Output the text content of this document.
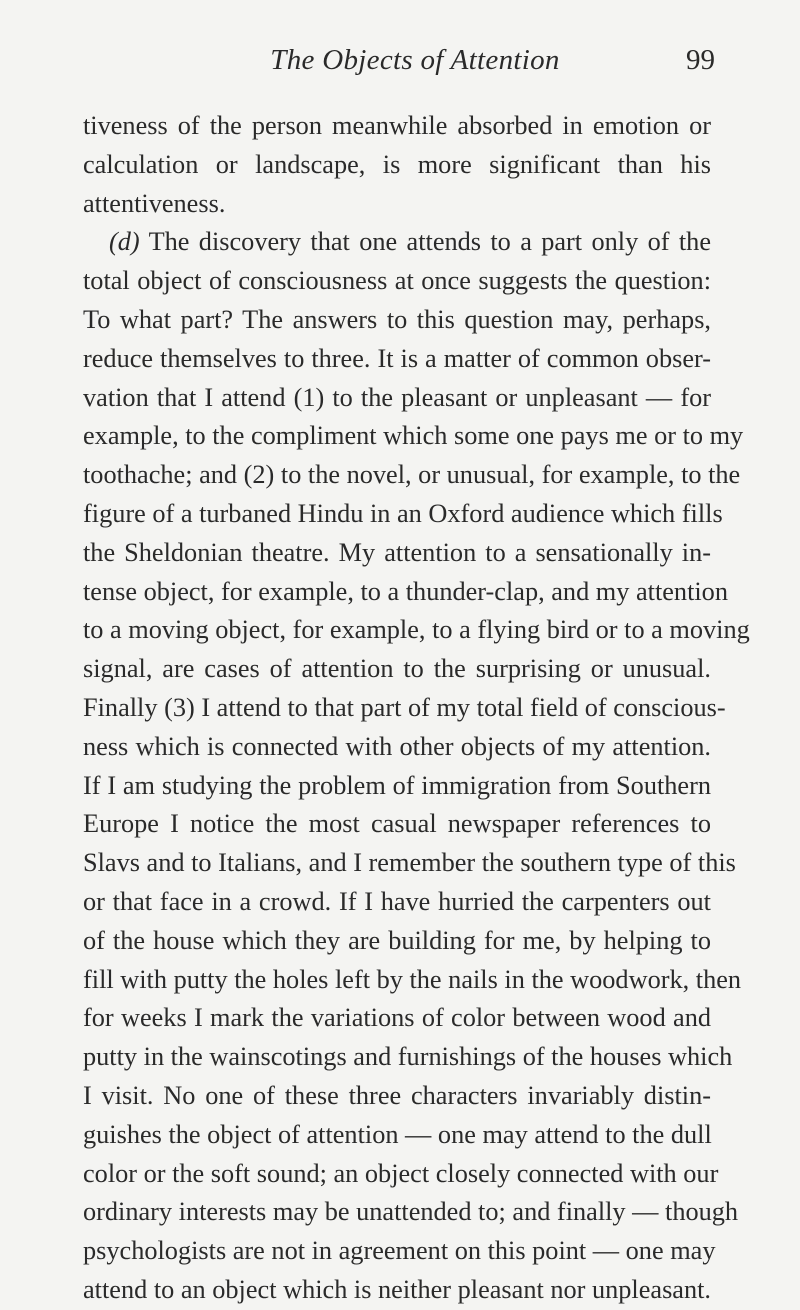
The Objects of Attention	99
tiveness of the person meanwhile absorbed in emotion or
calculation or landscape, is more significant than his
attentiveness.
(d) The discovery that one attends to a part only of the
total object of consciousness at once suggests the question:
To what part? The answers to this question may, perhaps,
reduce themselves to three. It is a matter of common obser-
vation that I attend (1) to the pleasant or unpleasant — for
example, to the compliment which some one pays me or to my
toothache; and (2) to the novel, or unusual, for example, to the
figure of a turbaned Hindu in an Oxford audience which fills
the Sheldonian theatre. My attention to a sensationally in-
tense object, for example, to a thunder-clap, and my attention
to a moving object, for example, to a flying bird or to a moving
signal, are cases of attention to the surprising or unusual.
Finally (3) I attend to that part of my total field of conscious-
ness which is connected with other objects of my attention.
If I am studying the problem of immigration from Southern
Europe I notice the most casual newspaper references to
Slavs and to Italians, and I remember the southern type of this
or that face in a crowd. If I have hurried the carpenters out
of the house which they are building for me, by helping to
fill with putty the holes left by the nails in the woodwork, then
for weeks I mark the variations of color between wood and
putty in the wainscotings and furnishings of the houses which
I visit. No one of these three characters invariably distin-
guishes the object of attention — one may attend to the dull
color or the soft sound; an object closely connected with our
ordinary interests may be unattended to; and finally — though
psychologists are not in agreement on this point — one may
attend to an object which is neither pleasant nor unpleasant.
